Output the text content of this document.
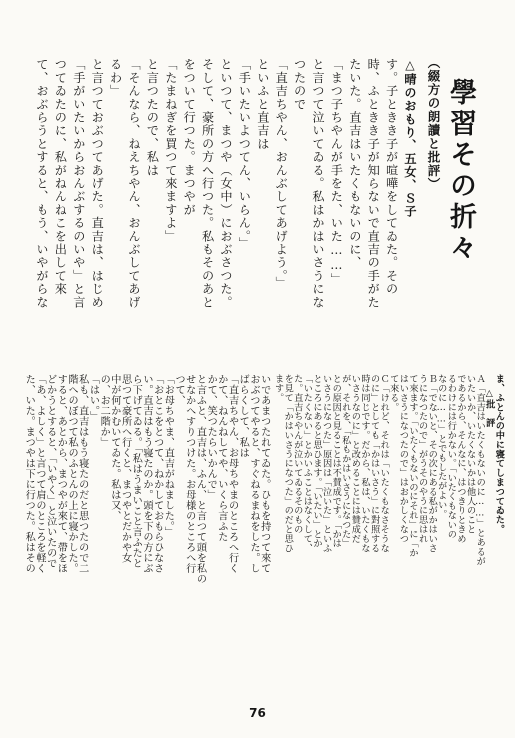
學習その折々
（綴方の朗讀と批評）
△晴のおもり、五女、Ｓ子
す。子ときき子が喧嘩をしてゐた。その
時、ふときき子が知らないで直吉の手がた
たいた。直吉はいたくもないのに、
「まつ子ちやんが手をた、いた……」
と言つて泣いてゐる。私はかはいさうにな
つたので
「直吉ちやん、おんぶしてあげよう。」
といふと直吉は
「手いたいよつてん、いらん。」
といつて、まつや（女中）におぶさつた。
そして、豪所の方へ行つた。私もそのあと
をついて行つた。まつやが
「たまねぎを買つて來ますよ」
と言つたので、私は
「そんなら、ねえちやん、おんぶしてあげ
るわ」
と言つておぶつてあげた。直吉は、はじめ
「手がいたいからおんぶするのいや」と言
つてゐたのに、私がねんねこを出して來
て、おぶらうとすると、もう、いやがらな
いであまつたれてゐた。ひもを持つて來て
おぶつてやると、すぐねるまねをした。し
ばらくして、私は
「直吉ちやん、お母ちやまのところへ行く
かて、ねんねしてや、いくら言ふた
かて、笑つたらいかんで」
と言ふと、直吉は、ふん、と言つて頭を私の
せなかへすりつけた。お母様のところへ行
つて、
「お母ちやま、直吉がねました。」
「おとこをとつて、ねかしておもらひなさ
い。直吉はもう寝たのか。頭を下の方にぶ
ら下げてゐる。「私はうまいこと言ふたと
思つて豪所へ行くと、まつやとだかや女
中が何かむいてゐた。私は又、
の、お二階か」
「はい。」
私も、直吉はもう寝たのだと思つたので二
階へのぼつて私のふとんの上に寝かした。
すると、あとから、まつやが來て、帶をほ
どかうとすると、「いやく」と泣いたので
「あ、よしく」と言つて肩のところを軽く
た、いた。まつやは下に行つた。私はその	ま、ふとんの中に寝てしまつてゐた。
△批　評
Ａ「直吉はいたくもないのに……」とあるが
いたいか、いたくないかは他人のこと
であるから、そんなに、はつきりときめ
るわけには行かない。「いたくもないの
なのに……」とでもしたがよい。
Ｂ「でないと、その次にある私がかはいさ
うになつたので」がうそのやうに思はれ
て來ます。「いたくもないのにそれ」に「か
はいさうになつたので」はおかしくなつ
て來る。
Ｃ「けれど、それは「いたくもなさそうな
のに」としても「かはいさう」に對照する
時は同じです。だから、私は、いたくもな
いさうなのに」と改めることには贊成だ
が、それを、「私もかはいさうになつた」
との原因と見ることは不賛成です。「かは
いさうになつた」原因は「泣いた」といふ
ところにあると思ひます。「いたい」とか
「いたくない」とかいふことはなくして、
た。直吉ちやんが泣いてゐるそのもの
を見て「かはいさうになつた」のだと思ひ
ます。
76
